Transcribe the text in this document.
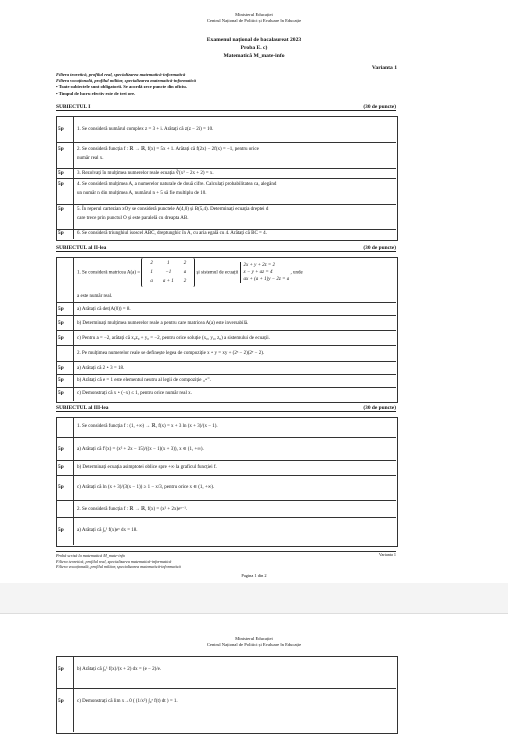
Ministerul Educației
Centrul Național de Politici și Evaluare în Educație
Examenul național de bacalaureat 2023
Proba E. c)
Matematică M_mate-info
Varianta 1
Filiera teoretică, profilul real, specializarea matematică-informatică
Filiera vocațională, profilul militar, specializarea matematică-informatică
• Toate subiectele sunt obligatorii. Se acordă zece puncte din oficiu.
• Timpul de lucru efectiv este de trei ore.
SUBIECTUL I	(30 de puncte)
5p	1. Se consideră numărul complex z = 3 + i. Arătați că z(z − 2i) = 10.
5p	2. Se consideră funcția f : ℝ → ℝ, f(x) = 5x + 1. Arătați că f(2x) − 2f(x) = −1, pentru orice
număr real x.
5p	3. Rezolvați în mulțimea numerelor reale ecuația ∛(x³ − 2x + 2) = x.
5p	4. Se consideră mulțimea A, a numerelor naturale de două cifre. Calculați probabilitatea ca, alegând
un număr n din mulțimea A, numărul n + 5 să fie multiplu de 10.
5p	5. În reperul cartezian xOy se consideră punctele A(4,0) și B(5,4). Determinați ecuația dreptei d
care trece prin punctul O și este paralelă cu dreapta AB.
5p	6. Se consideră triunghiul isoscel ABC, dreptunghic în A, cu aria egală cu 4. Arătați că BC = 4.
SUBIECTUL al II-lea	(30 de puncte)
1. Se consideră matricea A(a) = 2	1	2
1	−1	a
a	a + 1	2 și sistemul de ecuații 2x + y + 2z = 2
x − y + az = 4
ax + (a + 1)y − 2z = a , unde
a este număr real.
5p	a) Arătați că det(A(0)) = 8.
5p	b) Determinați mulțimea numerelor reale a pentru care matricea A(a) este inversabilă.
5p	c) Pentru a = −2, arătați că x₀z₀ + y₀ = −2, pentru orice soluție (x₀, y₀, z₀) a sistemului de ecuații.
2. Pe mulțimea numerelor reale se definește legea de compoziție x ∘ y = xy + (2ˣ − 2)(2ʸ − 2).
5p	a) Arătați că 2 ∘ 3 = 18.
5p	b) Arătați că e = 1 este elementul neutru al legii de compoziție „∘”.
5p	c) Demonstrați că x ∘ (−x) ≤ 1, pentru orice număr real x.
SUBIECTUL al III-lea	(30 de puncte)
1. Se consideră funcția f : (1, +∞) → ℝ, f(x) = x + 3 ln (x + 3)/(x − 1).
5p	a) Arătați că f′(x) = (x² + 2x − 15)/((x − 1)(x + 3)), x ∈ (1, +∞).
5p	b) Determinați ecuația asimptotei oblice spre +∞ la graficul funcției f.
5p	c) Arătați că ln (x + 3)/(3(x − 1)) ≥ 1 − x/3, pentru orice x ∈ (1, +∞).
2. Se consideră funcția f : ℝ → ℝ, f(x) = (x² + 2x)eˣ⁻¹.
5p	a) Arătați că ∫₀¹ f(x)eˣ dx = 18.
Probă scrisă la matematică M_mate-info	Varianta 1
Filiera teoretică, profilul real, specializarea matematică-informatică
Filiera vocațională, profilul militar, specializarea matematică-informatică
Pagina 1 din 2
Ministerul Educației
Centrul Național de Politici și Evaluare în Educație
5p	b) Arătați că ∫₀¹ f(x)/(x + 2) dx = (e − 2)/e.
5p	c) Demonstrați că lim x→0 ( (1/x²) ∫₀ˣ f(t) dt ) = 1.
